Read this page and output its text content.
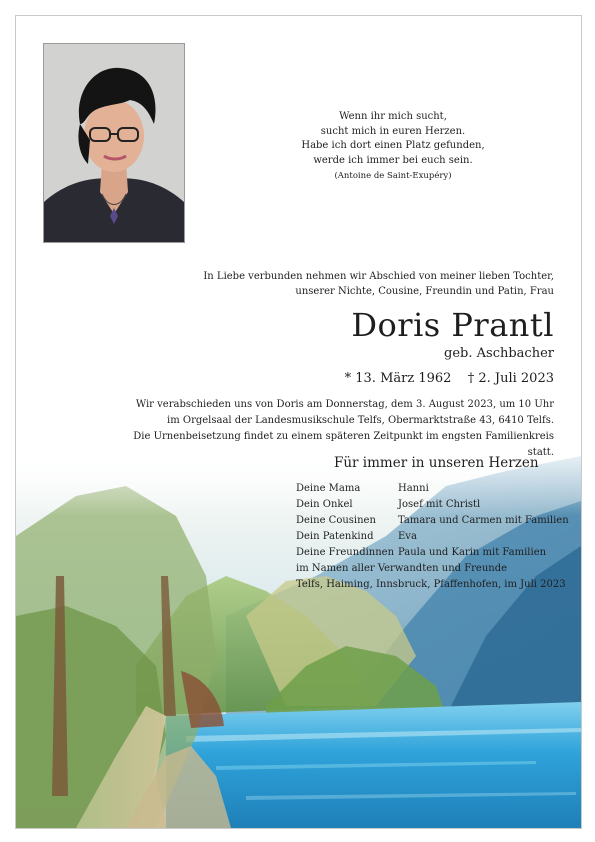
Wenn ihr mich sucht,
sucht mich in euren Herzen.
Habe ich dort einen Platz gefunden,
werde ich immer bei euch sein.
(Antoine de Saint-Exupéry)
In Liebe verbunden nehmen wir Abschied von meiner lieben Tochter,
unserer Nichte, Cousine, Freundin und Patin, Frau
Doris Prantl
geb. Aschbacher
* 13. März 1962 † 2. Juli 2023
Wir verabschieden uns von Doris am Donnerstag, dem 3. August 2023, um 10 Uhr
im Orgelsaal der Landesmusikschule Telfs, Obermarktstraße 43, 6410 Telfs.
Die Urnenbeisetzung findet zu einem späteren Zeitpunkt im engsten Familienkreis statt.
Für immer in unseren Herzen
Deine Mama	Hanni
Dein Onkel	Josef mit Christl
Deine Cousinen Tamara und Carmen mit Familien
Dein Patenkind Eva
Deine Freundinnen Paula und Karin mit Familien
im Namen aller Verwandten und Freunde
Telfs, Haiming, Innsbruck, Pfaffenhofen, im Juli 2023
